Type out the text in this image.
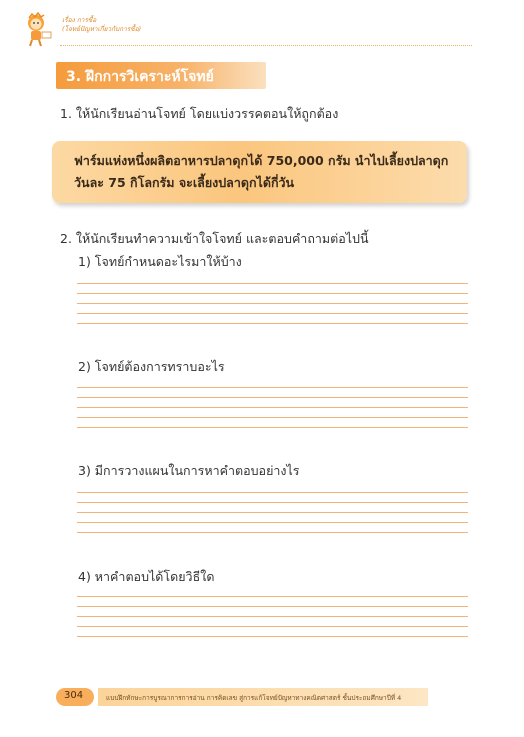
เรื่อง การซื้อ
(โจทย์ปัญหาเกี่ยวกับการซื้อ)
3. ฝึกการวิเคราะห์โจทย์
1. ให้นักเรียนอ่านโจทย์ โดยแบ่งวรรคตอนให้ถูกต้อง
ฟาร์มแห่งหนึ่งผลิตอาหารปลาดุกได้ 750,000 กรัม นำไปเลี้ยงปลาดุก
วันละ 75 กิโลกรัม จะเลี้ยงปลาดุกได้กี่วัน
2. ให้นักเรียนทำความเข้าใจโจทย์ และตอบคำถามต่อไปนี้
1) โจทย์กำหนดอะไรมาให้บ้าง
2) โจทย์ต้องการทราบอะไร
3) มีการวางแผนในการหาคำตอบอย่างไร
4) หาคำตอบได้โดยวิธีใด
304	แบบฝึกทักษะการบูรณาการการอ่าน การคิดเลข สู่การแก้โจทย์ปัญหาทางคณิตศาสตร์ ชั้นประถมศึกษาปีที่ 4
